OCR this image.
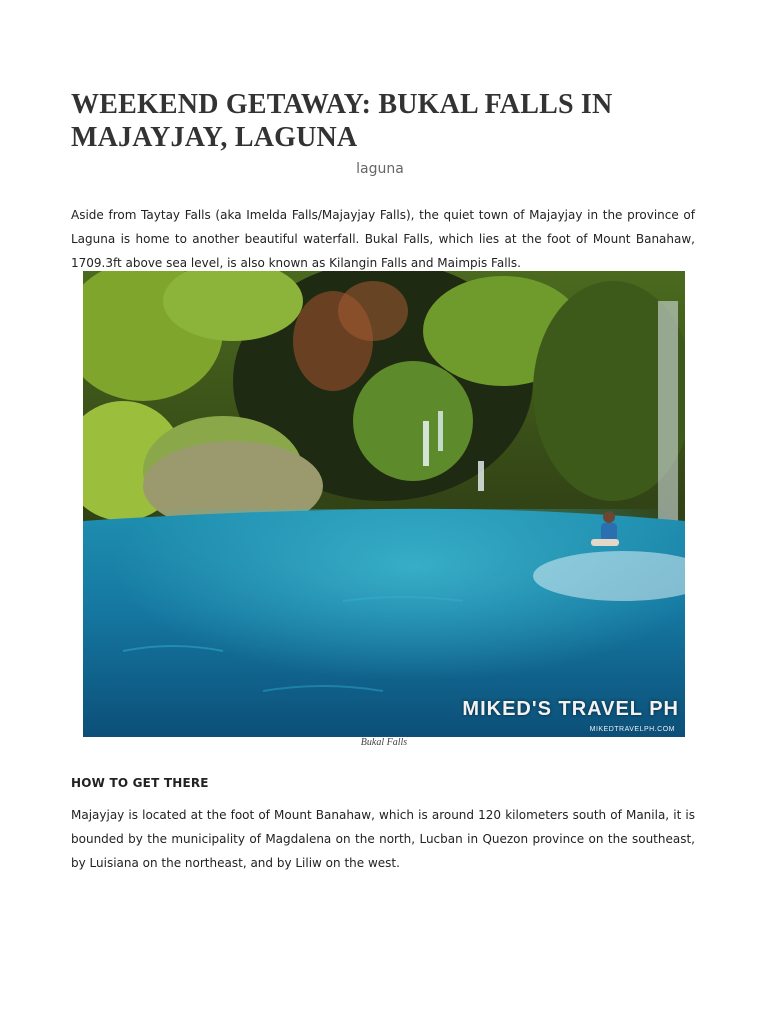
WEEKEND GETAWAY: BUKAL FALLS IN MAJAYJAY, LAGUNA
laguna

Aside from Taytay Falls (aka Imelda Falls/Majayjay Falls), the quiet town of Majayjay in the province of Laguna is home to another beautiful waterfall. Bukal Falls, which lies at the foot of Mount Banahaw, 1709.3ft above sea level, is also known as Kilangin Falls and Maimpis Falls.

MIKED'S TRAVEL PH
MIKEDTRAVELPH.COM
Bukal Falls
HOW TO GET THERE

Majayjay is located at the foot of Mount Banahaw, which is around 120 kilometers south of Manila, it is bounded by the municipality of Magdalena on the north, Lucban in Quezon province on the southeast, by Luisiana on the northeast, and by Liliw on the west.
